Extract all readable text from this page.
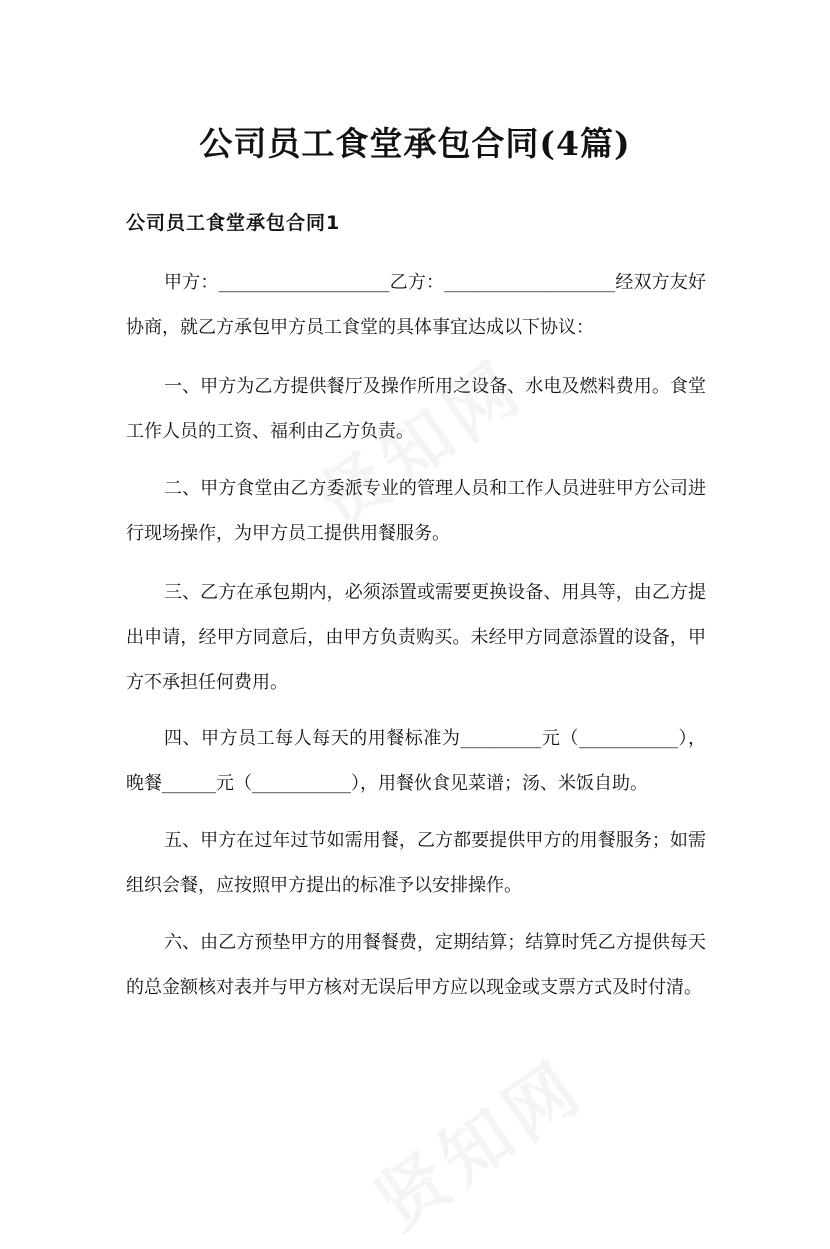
公司员工食堂承包合同(4篇)
公司员工食堂承包合同1

甲方：___________________乙方：___________________经双方友好协商，就乙方承包甲方员工食堂的具体事宜达成以下协议：

一、甲方为乙方提供餐厅及操作所用之设备、水电及燃料费用。食堂工作人员的工资、福利由乙方负责。

二、甲方食堂由乙方委派专业的管理人员和工作人员进驻甲方公司进行现场操作，为甲方员工提供用餐服务。

三、乙方在承包期内，必须添置或需要更换设备、用具等，由乙方提出申请，经甲方同意后，由甲方负责购买。未经甲方同意添置的设备，甲方不承担任何费用。

四、甲方员工每人每天的用餐标准为_________元（___________），晚餐______元（___________），用餐伙食见菜谱；汤、米饭自助。

五、甲方在过年过节如需用餐，乙方都要提供甲方的用餐服务；如需组织会餐，应按照甲方提出的标准予以安排操作。

六、由乙方预垫甲方的用餐餐费，定期结算；结算时凭乙方提供每天的总金额核对表并与甲方核对无误后甲方应以现金或支票方式及时付清。
